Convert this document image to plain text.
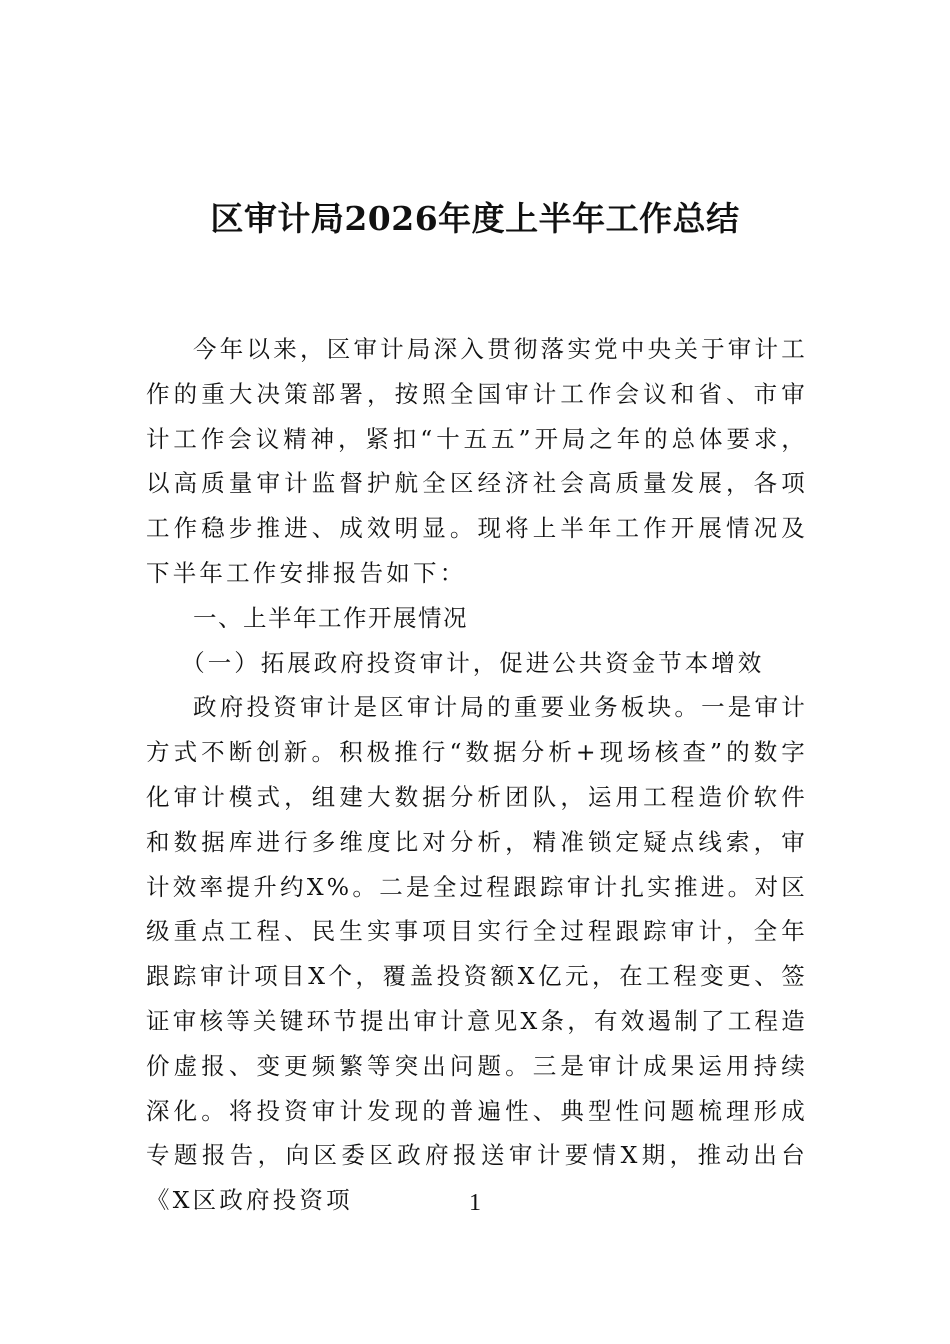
区审计局2026年度上半年工作总结

今年以来，区审计局深入贯彻落实党中央关于审计工作的重大决策部署，按照全国审计工作会议和省、市审计工作会议精神，紧扣“十五五”开局之年的总体要求，以高质量审计监督护航全区经济社会高质量发展，各项工作稳步推进、成效明显。现将上半年工作开展情况及下半年工作安排报告如下：

一、上半年工作开展情况

（一）拓展政府投资审计，促进公共资金节本增效

政府投资审计是区审计局的重要业务板块。一是审计方式不断创新。积极推行“数据分析+现场核查”的数字化审计模式，组建大数据分析团队，运用工程造价软件和数据库进行多维度比对分析，精准锁定疑点线索，审计效率提升约X%。二是全过程跟踪审计扎实推进。对区级重点工程、民生实事项目实行全过程跟踪审计，全年跟踪审计项目X个，覆盖投资额X亿元，在工程变更、签证审核等关键环节提出审计意见X条，有效遏制了工程造价虚报、变更频繁等突出问题。三是审计成果运用持续深化。将投资审计发现的普遍性、典型性问题梳理形成专题报告，向区委区政府报送审计要情X期，推动出台《X区政府投资项	1
